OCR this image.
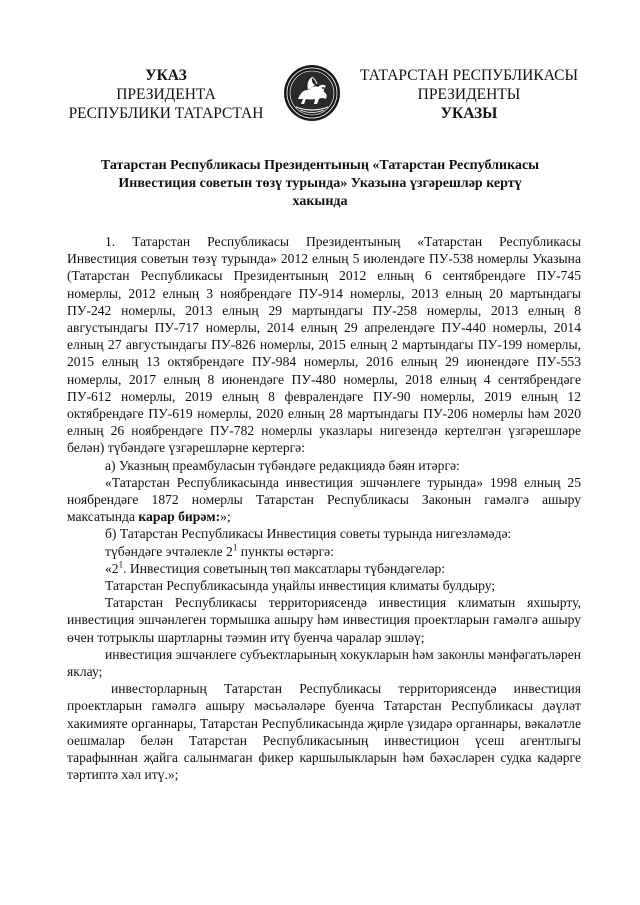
УКАЗ
ПРЕЗИДЕНТА
РЕСПУБЛИКИ ТАТАРСТАН
ТАТАРСТАН РЕСПУБЛИКАСЫ
ПРЕЗИДЕНТЫ
УКАЗЫ
Татарстан Республикасы Президентының «Татарстан Республикасы
Инвестиция советын төзү турында» Указына үзгәрешләр кертү
хакында

1. Татарстан Республикасы Президентының «Татарстан Республикасы Инвестиция советын төзү турында» 2012 елның 5 июлендәге ПУ-538 номерлы Указына (Татарстан Республикасы Президентының 2012 елның 6 сентябрендәге ПУ-745 номерлы, 2012 елның 3 ноябрендәге ПУ-914 номерлы, 2013 елның 20 мартындагы ПУ-242 номерлы, 2013 елның 29 мартындагы ПУ-258 номерлы, 2013 елның 8 августындагы ПУ-717 номерлы, 2014 елның 29 апрелендәге ПУ-440 номерлы, 2014 елның 27 августындагы ПУ-826 номерлы, 2015 елның 2 мартындагы ПУ-199 номерлы, 2015 елның 13 октябрендәге ПУ-984 номерлы, 2016 елның 29 июнендәге ПУ-553 номерлы, 2017 елның 8 июнендәге ПУ-480 номерлы, 2018 елның 4 сентябрендәге ПУ-612 номерлы, 2019 елның 8 февралендәге ПУ-90 номерлы, 2019 елның 12 октябрендәге ПУ-619 номерлы, 2020 елның 28 мартындагы ПУ-206 номерлы һәм 2020 елның 26 ноябрендәге ПУ-782 номерлы указлары нигезендә кертелгән үзгәрешләре белән) түбәндәге үзгәрешләрне кертергә:

а) Указның преамбуласын түбәндәге редакциядә бәян итәргә:

«Татарстан Республикасында инвестиция эшчәнлеге турында» 1998 елның 25 ноябрендәге 1872 номерлы Татарстан Республикасы Законын гамәлгә ашыру максатында карар бирәм:»;

б) Татарстан Республикасы Инвестиция советы турында нигезләмәдә:

түбәндәге эчтәлекле $2^1$ пункты өстәргә:

«$2^1$. Инвестиция советының төп максатлары түбәндәгеләр:

Татарстан Республикасында уңайлы инвестиция климаты булдыру;

Татарстан Республикасы территориясендә инвестиция климатын яхшырту, инвестиция эшчәнлеген тормышка ашыру һәм инвестиция проектларын гамәлгә ашыру өчен тотрыклы шартларны тәэмин итү буенча чаралар эшләү;

инвестиция эшчәнлеге субъектларының хокукларын һәм законлы мәнфәгатьләрен яклау;

инвесторларның Татарстан Республикасы территориясендә инвестиция проектларын гамәлгә ашыру мәсьәләләре буенча Татарстан Республикасы дәүләт хакимияте органнары, Татарстан Республикасында җирле үзидарә органнары, вәкаләтле оешмалар белән Татарстан Республикасының инвестицион үсеш агентлыгы тарафыннан җайга салынмаган фикер каршылыкларын һәм бәхәсләрен судка кадәрге тәртиптә хәл итү.»;
